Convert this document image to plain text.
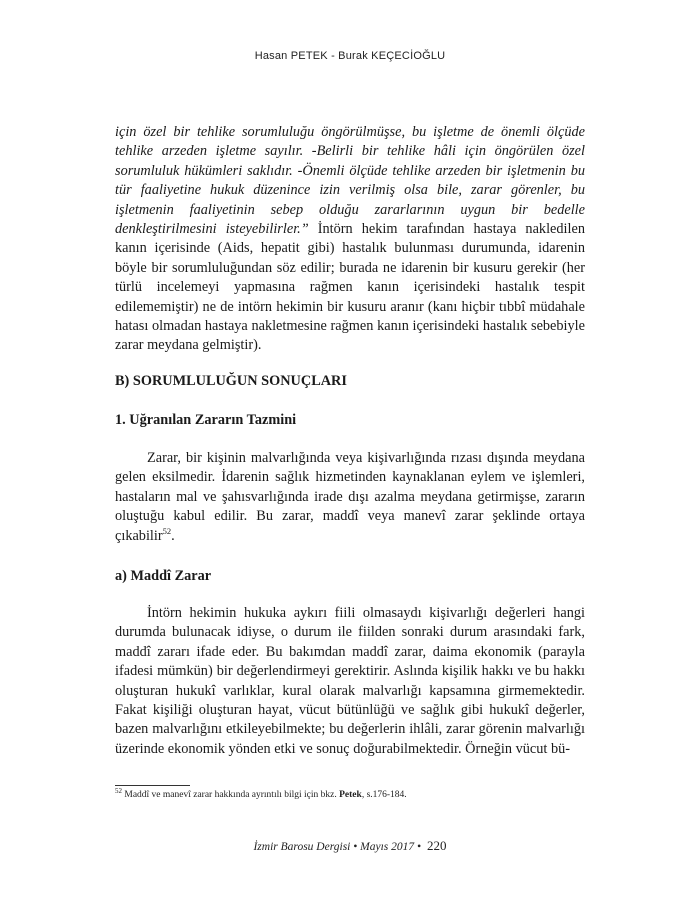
Hasan PETEK - Burak KEÇECİOĞLU

için özel bir tehlike sorumluluğu öngörülmüşse, bu işletme de önemli ölçüde tehlike arzeden işletme sayılır. -Belirli bir tehlike hâli için öngörülen özel sorumluluk hükümleri saklıdır. -Önemli ölçüde tehlike arzeden bir işletmenin bu tür faaliyetine hukuk düzenince izin verilmiş olsa bile, zarar görenler, bu işletmenin faaliyetinin sebep olduğu zararlarının uygun bir bedelle denkleştirilmesini isteyebilirler.” İntörn hekim tarafından hastaya nakledilen kanın içerisinde (Aids, hepatit gibi) hastalık bulunması durumunda, idarenin böyle bir sorumluluğundan söz edilir; burada ne idarenin bir kusuru gerekir (her türlü incelemeyi yapmasına rağmen kanın içerisindeki hastalık tespit edilememiştir) ne de intörn hekimin bir kusuru aranır (kanı hiçbir tıbbî müdahale hatası olmadan hastaya nakletmesine rağmen kanın içerisindeki hastalık sebebiyle zarar meydana gelmiştir).

B) SORUMLULUĞUN SONUÇLARI
1. Uğranılan Zararın Tazmini

Zarar, bir kişinin malvarlığında veya kişivarlığında rızası dışında meydana gelen eksilmedir. İdarenin sağlık hizmetinden kaynaklanan eylem ve işlemleri, hastaların mal ve şahısvarlığında irade dışı azalma meydana getirmişse, zararın oluştuğu kabul edilir. Bu zarar, maddî veya manevî zarar şeklinde ortaya çıkabilir$^{52}$.

a) Maddî Zarar

İntörn hekimin hukuka aykırı fiili olmasaydı kişivarlığı değerleri hangi durumda bulunacak idiyse, o durum ile fiilden sonraki durum arasındaki fark, maddî zararı ifade eder. Bu bakımdan maddî zarar, daima ekonomik (parayla ifadesi mümkün) bir değerlendirmeyi gerektirir. Aslında kişilik hakkı ve bu hakkı oluşturan hukukî varlıklar, kural olarak malvarlığı kapsamına girmemektedir. Fakat kişiliği oluşturan hayat, vücut bütünlüğü ve sağlık gibi hukukî değerler, bazen malvarlığını etkileyebilmekte; bu değerlerin ihlâli, zarar görenin malvarlığı üzerinde ekonomik yönden etki ve sonuç doğurabilmektedir. Örneğin vücut bü-

$^{52}$ Maddî ve manevî zarar hakkında ayrıntılı bilgi için bkz. Petek, s.176-184.
İzmir Barosu Dergisi • Mayıs 2017 • 220
